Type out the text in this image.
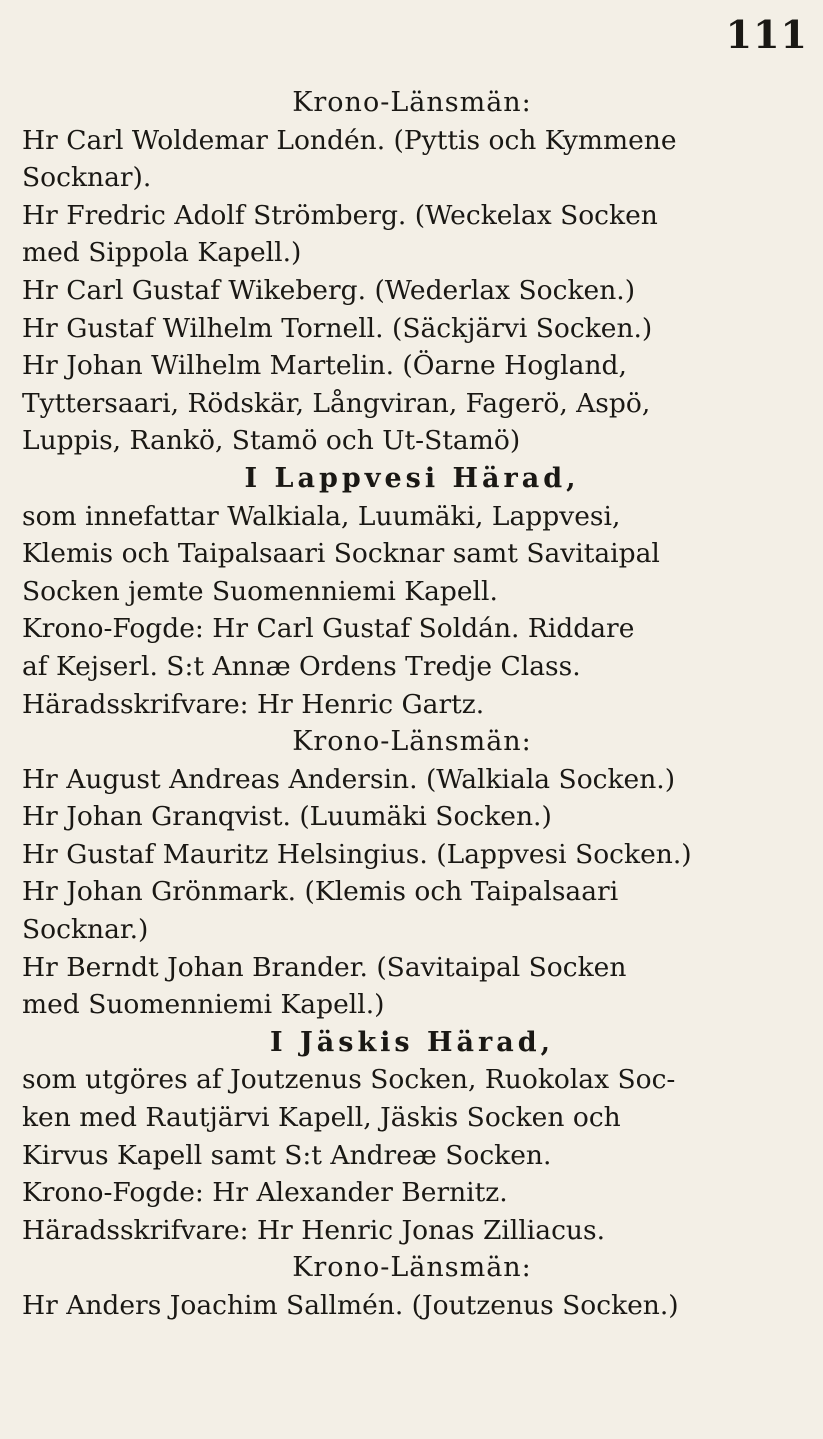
111
Krono-Länsmän:
Hr Carl Woldemar Londén. (Pyttis och Kymmene
Socknar).
Hr Fredric Adolf Strömberg. (Weckelax Socken
med Sippola Kapell.)
Hr Carl Gustaf Wikeberg. (Wederlax Socken.)
Hr Gustaf Wilhelm Tornell. (Säckjärvi Socken.)
Hr Johan Wilhelm Martelin. (Öarne Hogland,
Tyttersaari, Rödskär, Långviran, Fagerö, Aspö,
Luppis, Rankö, Stamö och Ut-Stamö)
I Lappvesi Härad,
som innefattar Walkiala, Luumäki, Lappvesi,
Klemis och Taipalsaari Socknar samt Savitaipal
Socken jemte Suomenniemi Kapell.
Krono-Fogde: Hr Carl Gustaf Soldán. Riddare
af Kejserl. S:t Annæ Ordens Tredje Class.
Häradsskrifvare: Hr Henric Gartz.
Krono-Länsmän:
Hr August Andreas Andersin. (Walkiala Socken.)
Hr Johan Granqvist. (Luumäki Socken.)
Hr Gustaf Mauritz Helsingius. (Lappvesi Socken.)
Hr Johan Grönmark. (Klemis och Taipalsaari
Socknar.)
Hr Berndt Johan Brander. (Savitaipal Socken
med Suomenniemi Kapell.)
I Jäskis Härad,
som utgöres af Joutzenus Socken, Ruokolax Soc-
ken med Rautjärvi Kapell, Jäskis Socken och
Kirvus Kapell samt S:t Andreæ Socken.
Krono-Fogde: Hr Alexander Bernitz.
Häradsskrifvare: Hr Henric Jonas Zilliacus.
Krono-Länsmän:
Hr Anders Joachim Sallmén. (Joutzenus Socken.)
